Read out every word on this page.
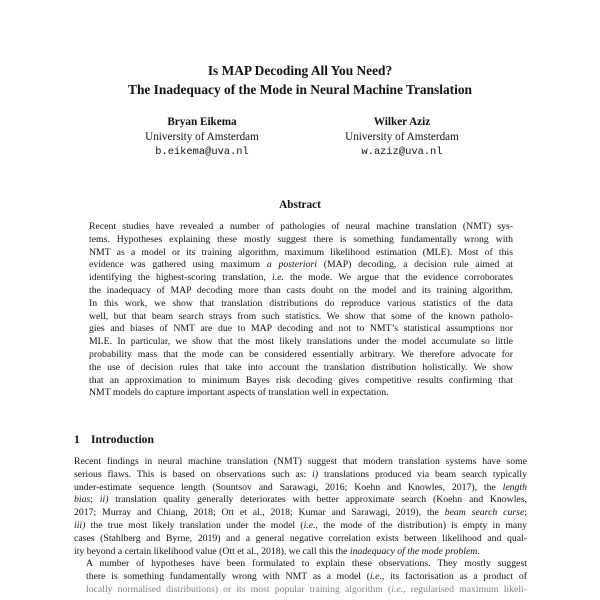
Is MAP Decoding All You Need?
The Inadequacy of the Mode in Neural Machine Translation
Bryan Eikema
University of Amsterdam
b.eikema@uva.nl
Wilker Aziz
University of Amsterdam
w.aziz@uva.nl
Abstract
Recent studies have revealed a number of pathologies of neural machine translation (NMT) sys-
tems. Hypotheses explaining these mostly suggest there is something fundamentally wrong with
NMT as a model or its training algorithm, maximum likelihood estimation (MLE). Most of this
evidence was gathered using maximum a posteriori (MAP) decoding, a decision rule aimed at
identifying the highest-scoring translation, i.e. the mode. We argue that the evidence corroborates
the inadequacy of MAP decoding more than casts doubt on the model and its training algorithm.
In this work, we show that translation distributions do reproduce various statistics of the data
well, but that beam search strays from such statistics. We show that some of the known patholo-
gies and biases of NMT are due to MAP decoding and not to NMT’s statistical assumptions nor
MLE. In particular, we show that the most likely translations under the model accumulate so little
probability mass that the mode can be considered essentially arbitrary. We therefore advocate for
the use of decision rules that take into account the translation distribution holistically. We show
that an approximation to minimum Bayes risk decoding gives competitive results confirming that
NMT models do capture important aspects of translation well in expectation.
1 Introduction

Recent findings in neural machine translation (NMT) suggest that modern translation systems have some
serious flaws. This is based on observations such as: i) translations produced via beam search typically
under-estimate sequence length (Sountsov and Sarawagi, 2016; Koehn and Knowles, 2017), the length
bias; ii) translation quality generally deteriorates with better approximate search (Koehn and Knowles,
2017; Murray and Chiang, 2018; Ott et al., 2018; Kumar and Sarawagi, 2019), the beam search curse;
iii) the true most likely translation under the model (i.e., the mode of the distribution) is empty in many
cases (Stahlberg and Byrne, 2019) and a general negative correlation exists between likelihood and qual-
ity beyond a certain likelihood value (Ott et al., 2018), we call this the inadequacy of the mode problem.

A number of hypotheses have been formulated to explain these observations. They mostly suggest
there is something fundamentally wrong with NMT as a model (i.e., its factorisation as a product of
locally normalised distributions) or its most popular training algorithm (i.e., regularised maximum likeli-
